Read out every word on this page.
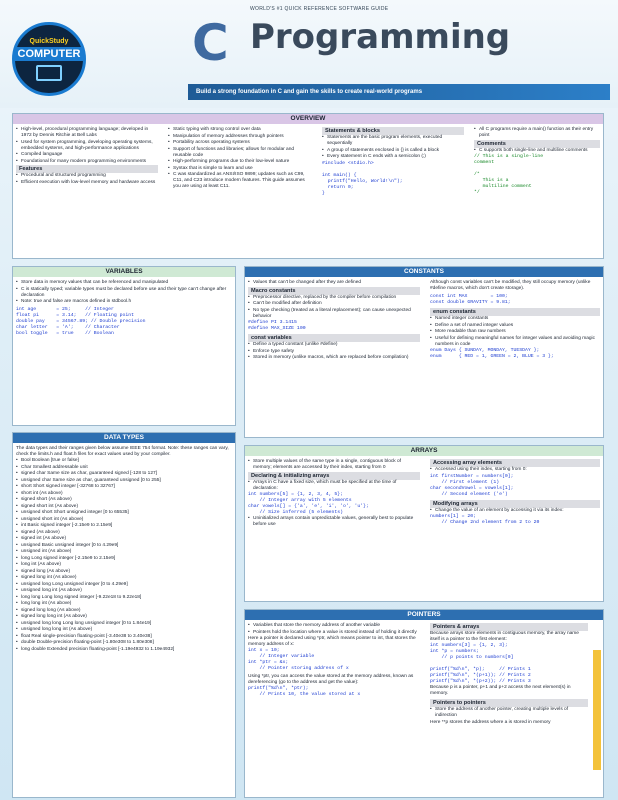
QuickStudy
COMPUTER
WORLD'S #1 QUICK REFERENCE SOFTWARE GUIDE
C Programming
Build a strong foundation in C and gain the skills to create real-world programs
OVERVIEW
• High-level, procedural programming language; developed in 1972 by Dennis Ritchie at Bell Labs
• Used for system programming, developing operating systems, embedded systems, and high-performance applications
• Compiled language
• Foundational for many modern programming environments
Features
• Procedural and structured programming
• Efficient execution with low-level memory and hardware access
• Static typing with strong control over data
• Manipulation of memory addresses through pointers
• Portability across operating systems
• Support of functions and libraries; allows for modular and reusable code
• High-performing programs due to their low-level nature
• Syntax that is simple to learn and use
• C was standardized as ANSI/ISO 9899; updates such as C99, C11, and C23 introduce modern features. This guide assumes you are using at least C11.
Statements & blocks
• Statements are the basic program elements, executed sequentially
• A group of statements enclosed in {} is called a block
• Every statement in C ends with a semicolon (;)
#include <stdio.h>

int main() {
printf("Hello, World!\n");
return 0;
}
• All C programs require a main() function as their entry point
Comments
• C supports both single-line and multiline comments
// This is a single-line
comment

/*
This is a
multiline comment
*/
VARIABLES
• Store data in memory values that can be referenced and manipulated
• C is statically typed; variable types must be declared before use and their type can't change after declaration
• Note: true and false are macros defined in stdbool.h
int age       = 25;     // Integer
float pi      = 3.14;   // Floating point
double pay    = 34567.89; // Double precision
char letter   = 'A';    // Character
bool toggle   = true    // Boolean
DATA TYPES

The data types and their ranges given below assume IEEE 754 format. Note: these ranges can vary, check the limits.h and float.h files for exact values used by your compiler.

• Bool Boolean [true or false]
• Char Smallest addressable unit
• signed char Same size as char, guaranteed signed [-128 to 127]
• unsigned char Same size as char, guaranteed unsigned [0 to 255]
• short Short signed integer [-32768 to 32767]
• short int (As above)
• signed short (As above)
• signed short int (As above)
• unsigned short Short unsigned integer [0 to 65535]
• unsigned short int (As above)
• int Basic signed integer [-2.15e9 to 2.15e9]
• signed (As above)
• signed int (As above)
• unsigned Basic unsigned integer [0 to 4.29e9]
• unsigned int (As above)
• long Long signed integer [-2.15e9 to 2.15e9]
• long int (As above)
• signed long (As above)
• signed long int (As above)
• unsigned long Long unsigned integer [0 to 4.29e9]
• unsigned long int (As above)
• long long Long long signed integer [-9.22e18 to 9.22e18]
• long long int (As above)
• signed long long (As above)
• signed long long int (As above)
• unsigned long long Long long unsigned integer [0 to 1.84e19]
• unsigned long long int (As above)
• float Real single-precision floating-point [-3.40e38 to 3.40e38]
• double Double-precision floating-point [-1.80e308 to 1.80e308]
• long double Extended precision floating-point [-1.19e4932 to 1.19e4932]
CONSTANTS
• Values that can't be changed after they are defined
Macro constants
• Preprocessor directive, replaced by the compiler before compilation
• Can't be modified after definition
• No type checking (treated as a literal replacement); can cause unexpected behavior
#define PI 3.1415
#define MAX_SIZE 100
const variables
• Define a typed constant (unlike #define)
• Enforce type safety
• Stored in memory (unlike macros, which are replaced before compilation)

Although const variables can't be modified, they still occupy memory (unlike #define macros, which don't create storage).

const int MAX        = 100;
const double GRAVITY = 9.81;
enum constants
• Named integer constants
• Define a set of named integer values
• More readable than raw numbers
• Useful for defining meaningful names for integer values and avoiding magic numbers in code
enum Days { SUNDAY, MONDAY, TUESDAY };
enum      { RED = 1, GREEN = 2, BLUE = 3 };
ARRAYS
• Store multiple values of the same type in a single, contiguous block of memory; elements are accessed by their index, starting from 0
Declaring & initializing arrays
• Arrays in C have a fixed size, which must be specified at the time of declaration:
int numbers[5] = {1, 2, 3, 4, 5};
// Integer array with 5 elements
char vowels[] = {'a', 'e', 'i', 'o', 'u'};
// Size inferred (5 elements)
• Uninitialized arrays contain unpredictable values, generally best to populate before use
Accessing array elements
• Accessed using their index, starting from 0:
int firstNumber = numbers[0];
// First element (1)
char secondVowel = vowels[1];
// Second element ('e')
Modifying arrays
• Change the value of an element by accessing it via its index:
numbers[1] = 20;
// Change 2nd element from 2 to 20
POINTERS
• Variables that store the memory address of another variable
• Pointers hold the location where a value is stored instead of holding it directly

Here a pointer is declared using *ptr, which means pointer to int, that stores the memory address of x:

int x = 10;
// Integer variable
int *ptr = &x;
// Pointer storing address of x

Using *ptr, you can access the value stored at the memory address, known as dereferencing (go to the address and get the value):

printf("%d\n", *ptr);
// Prints 10, the value stored at x
Pointers & arrays

Because arrays store elements in contiguous memory, the array name itself is a pointer to the first element:

int numbers[3] = {1, 2, 3};
int *p = numbers;
// p points to numbers[0]

printf("%d\n", *p);     // Prints 1
printf("%d\n", *(p+1)); // Prints 2
printf("%d\n", *(p+2)); // Prints 3

Because p is a pointer, p+1 and p+2 access the next element(s) in memory.

Pointers to pointers
• Store the address of another pointer, creating multiple levels of indirection

Here **p stores the address where a is stored in memory
